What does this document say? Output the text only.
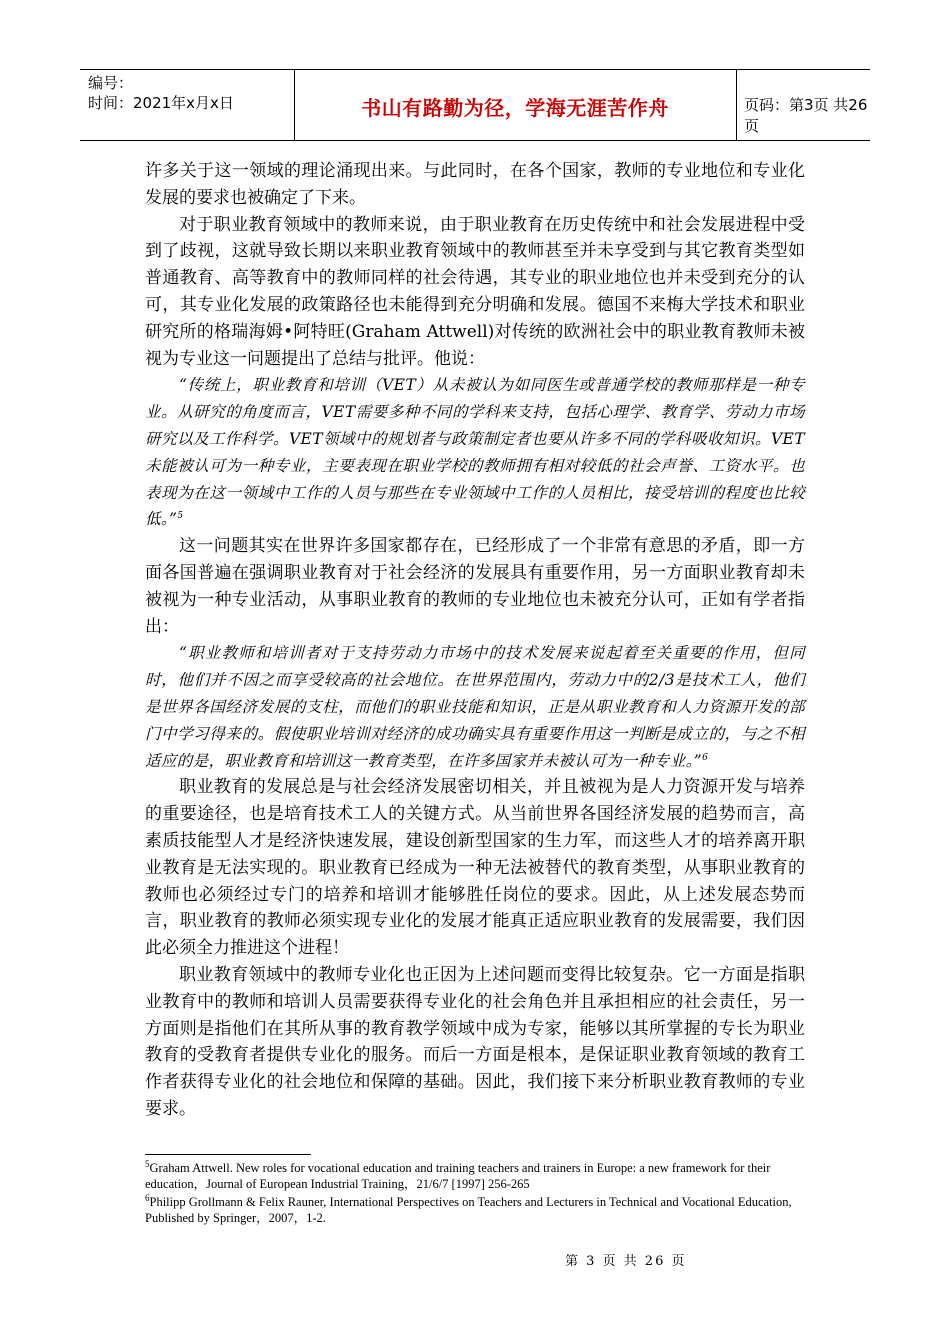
编号：
时间：2021年x月x日	书山有路勤为径，学海无涯苦作舟	页码：第3页 共26页

许多关于这一领域的理论涌现出来。与此同时，在各个国家，教师的专业地位和专业化发展的要求也被确定了下来。

对于职业教育领域中的教师来说，由于职业教育在历史传统中和社会发展进程中受到了歧视，这就导致长期以来职业教育领域中的教师甚至并未享受到与其它教育类型如普通教育、高等教育中的教师同样的社会待遇，其专业的职业地位也并未受到充分的认可，其专业化发展的政策路径也未能得到充分明确和发展。德国不来梅大学技术和职业研究所的格瑞海姆•阿特旺(Graham Attwell)对传统的欧洲社会中的职业教育教师未被视为专业这一问题提出了总结与批评。他说：

“传统上，职业教育和培训（VET）从未被认为如同医生或普通学校的教师那样是一种专业。从研究的角度而言，VET需要多种不同的学科来支持，包括心理学、教育学、劳动力市场研究以及工作科学。VET领域中的规划者与政策制定者也要从许多不同的学科吸收知识。VET未能被认可为一种专业，主要表现在职业学校的教师拥有相对较低的社会声誉、工资水平。也表现为在这一领域中工作的人员与那些在专业领域中工作的人员相比，接受培训的程度也比较低。”$^5$

这一问题其实在世界许多国家都存在，已经形成了一个非常有意思的矛盾，即一方面各国普遍在强调职业教育对于社会经济的发展具有重要作用，另一方面职业教育却未被视为一种专业活动，从事职业教育的教师的专业地位也未被充分认可，正如有学者指出：

“职业教师和培训者对于支持劳动力市场中的技术发展来说起着至关重要的作用，但同时，他们并不因之而享受较高的社会地位。在世界范围内，劳动力中的2/3是技术工人，他们是世界各国经济发展的支柱，而他们的职业技能和知识，正是从职业教育和人力资源开发的部门中学习得来的。假使职业培训对经济的成功确实具有重要作用这一判断是成立的，与之不相适应的是，职业教育和培训这一教育类型，在许多国家并未被认可为一种专业。”$^6$

职业教育的发展总是与社会经济发展密切相关，并且被视为是人力资源开发与培养的重要途径，也是培育技术工人的关键方式。从当前世界各国经济发展的趋势而言，高素质技能型人才是经济快速发展，建设创新型国家的生力军，而这些人才的培养离开职业教育是无法实现的。职业教育已经成为一种无法被替代的教育类型，从事职业教育的教师也必须经过专门的培养和培训才能够胜任岗位的要求。因此，从上述发展态势而言，职业教育的教师必须实现专业化的发展才能真正适应职业教育的发展需要，我们因此必须全力推进这个进程！

职业教育领域中的教师专业化也正因为上述问题而变得比较复杂。它一方面是指职业教育中的教师和培训人员需要获得专业化的社会角色并且承担相应的社会责任，另一方面则是指他们在其所从事的教育教学领域中成为专家，能够以其所掌握的专长为职业教育的受教育者提供专业化的服务。而后一方面是根本，是保证职业教育领域的教育工作者获得专业化的社会地位和保障的基础。因此，我们接下来分析职业教育教师的专业要求。

$^5$Graham Attwell. New roles for vocational education and training teachers and trainers in Europe: a new framework for their education，Journal of European Industrial Training，21/6/7 [1997] 256-265
$^6$Philipp Grollmann & Felix Rauner, International Perspectives on Teachers and Lecturers in Technical and Vocational Education, Published by Springer，2007，1-2.
第 3 页 共 26 页
